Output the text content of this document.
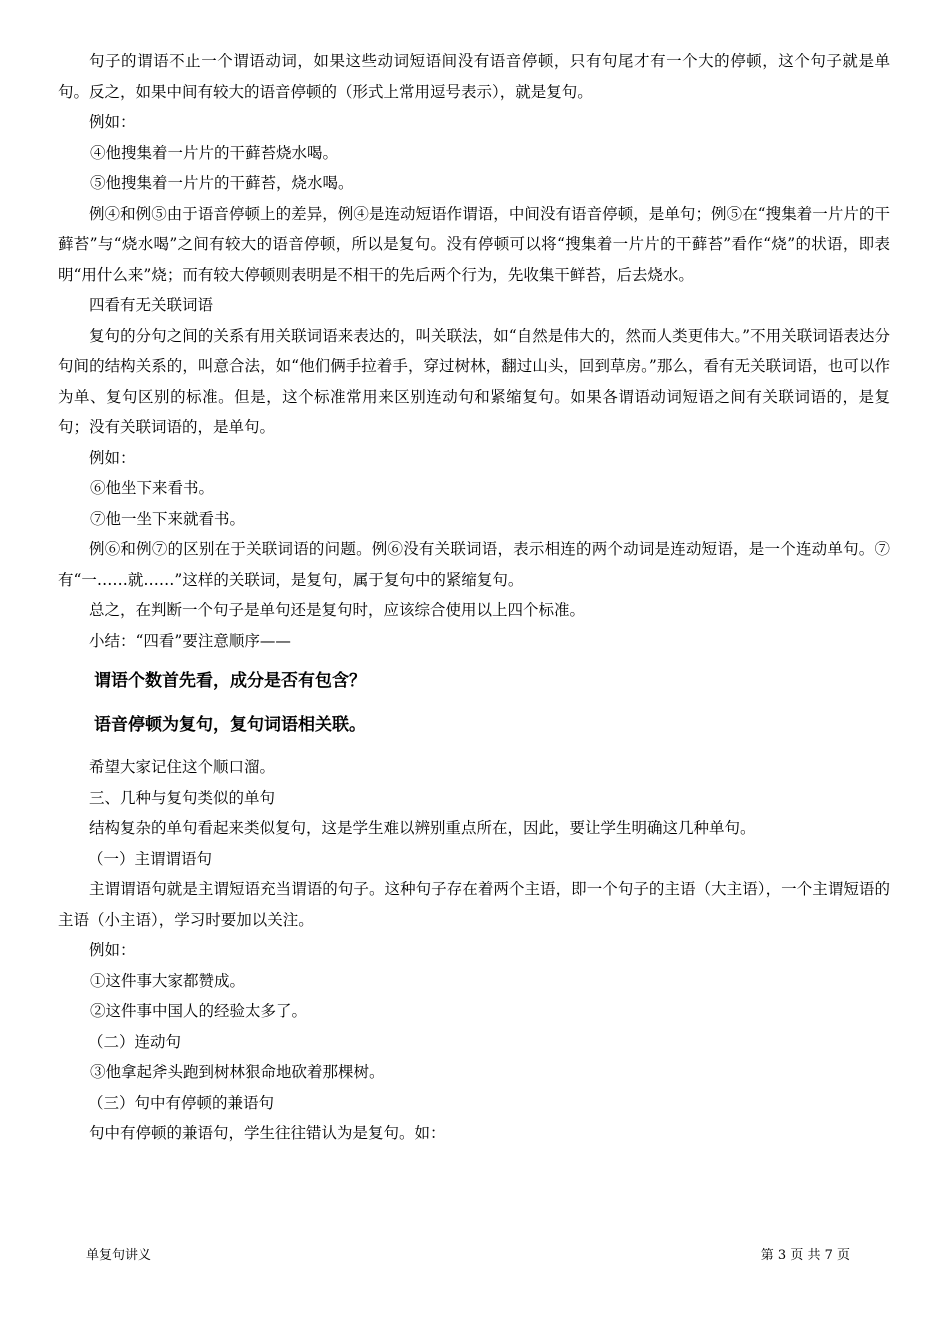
句子的谓语不止一个谓语动词，如果这些动词短语间没有语音停顿，只有句尾才有一个大的停顿，这个句子就是单句。反之，如果中间有较大的语音停顿的（形式上常用逗号表示），就是复句。

例如：

④他搜集着一片片的干藓苔烧水喝。

⑤他搜集着一片片的干藓苔，烧水喝。

例④和例⑤由于语音停顿上的差异，例④是连动短语作谓语，中间没有语音停顿，是单句；例⑤在“搜集着一片片的干藓苔”与“烧水喝”之间有较大的语音停顿，所以是复句。没有停顿可以将“搜集着一片片的干藓苔”看作“烧”的状语，即表明“用什么来”烧；而有较大停顿则表明是不相干的先后两个行为，先收集干鲜苔，后去烧水。

四看有无关联词语

复句的分句之间的关系有用关联词语来表达的，叫关联法，如“自然是伟大的，然而人类更伟大。”不用关联词语表达分句间的结构关系的，叫意合法，如“他们俩手拉着手，穿过树林，翻过山头，回到草房。”那么，看有无关联词语，也可以作为单、复句区别的标准。但是，这个标准常用来区别连动句和紧缩复句。如果各谓语动词短语之间有关联词语的，是复句；没有关联词语的，是单句。

例如：

⑥他坐下来看书。

⑦他一坐下来就看书。

例⑥和例⑦的区别在于关联词语的问题。例⑥没有关联词语，表示相连的两个动词是连动短语，是一个连动单句。⑦有“一……就……”这样的关联词，是复句，属于复句中的紧缩复句。

总之，在判断一个句子是单句还是复句时，应该综合使用以上四个标准。

小结：“四看”要注意顺序——

谓语个数首先看，成分是否有包含？

语音停顿为复句，复句词语相关联。

希望大家记住这个顺口溜。

三、几种与复句类似的单句

结构复杂的单句看起来类似复句，这是学生难以辨别重点所在，因此，要让学生明确这几种单句。

（一）主谓谓语句

主谓谓语句就是主谓短语充当谓语的句子。这种句子存在着两个主语，即一个句子的主语（大主语），一个主谓短语的主语（小主语），学习时要加以关注。

例如：

①这件事大家都赞成。

②这件事中国人的经验太多了。

（二）连动句

③他拿起斧头跑到树林狠命地砍着那棵树。

（三）句中有停顿的兼语句

句中有停顿的兼语句，学生往往错认为是复句。如：

单复句讲义	第 3 页 共 7 页
